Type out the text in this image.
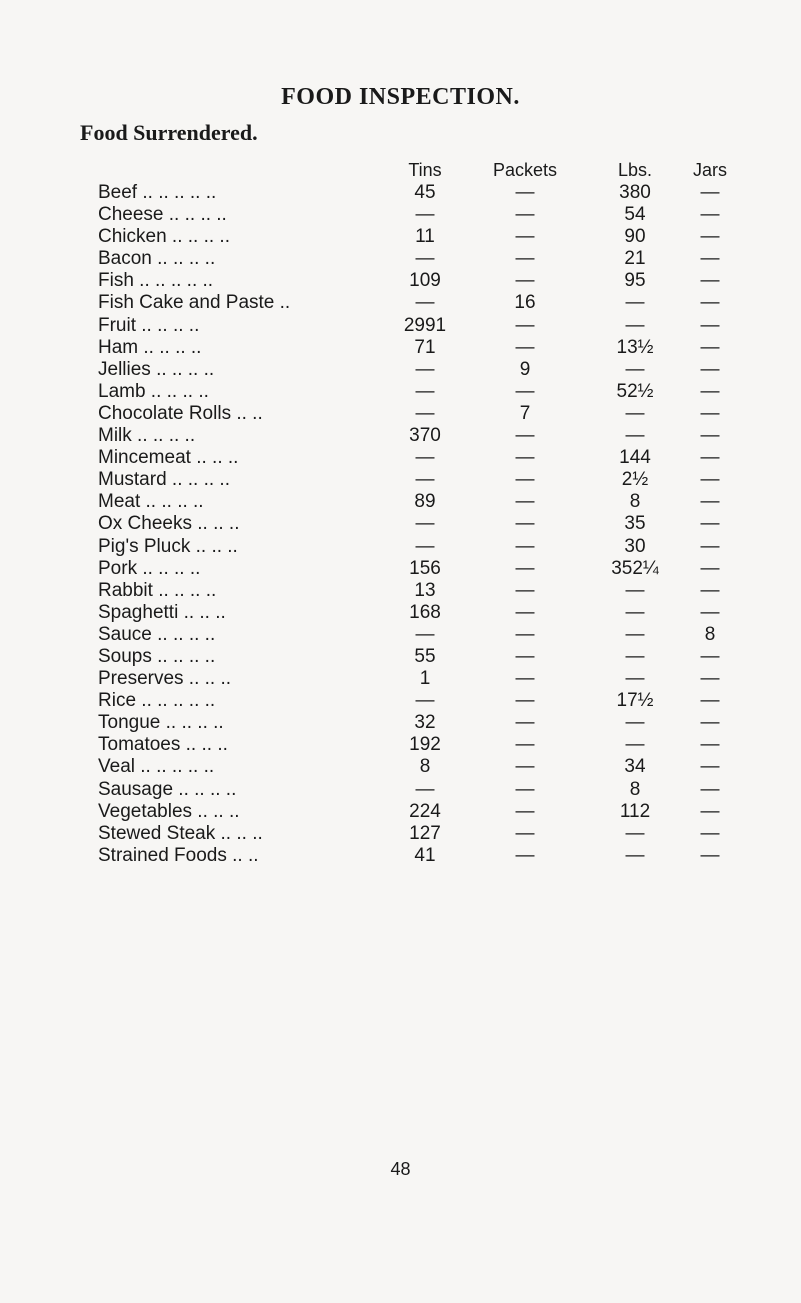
FOOD INSPECTION.
Food Surrendered.
Tins	Packets	Lbs.	Jars
Beef .. .. .. .. ..	45	—	380	—
Cheese .. .. .. ..	—	—	54	—
Chicken .. .. .. ..	11	—	90	—
Bacon .. .. .. ..	—	—	21	—
Fish .. .. .. .. ..	109	—	95	—
Fish Cake and Paste ..	—	16	—	—
Fruit .. .. .. ..	2991	—	—	—
Ham .. .. .. ..	71	—	13½	—
Jellies .. .. .. ..	—	9	—	—
Lamb .. .. .. ..	—	—	52½	—
Chocolate Rolls .. ..	—	7	—	—
Milk .. .. .. ..	370	—	—	—
Mincemeat .. .. ..	—	—	144	—
Mustard .. .. .. ..	—	—	2½	—
Meat .. .. .. ..	89	—	8	—
Ox Cheeks .. .. ..	—	—	35	—
Pig's Pluck .. .. ..	—	—	30	—
Pork .. .. .. ..	156	—	352¼	—
Rabbit .. .. .. ..	13	—	—	—
Spaghetti .. .. ..	168	—	—	—
Sauce .. .. .. ..	—	—	—	8
Soups .. .. .. ..	55	—	—	—
Preserves .. .. ..	1	—	—	—
Rice .. .. .. .. ..	—	—	17½	—
Tongue .. .. .. ..	32	—	—	—
Tomatoes .. .. ..	192	—	—	—
Veal .. .. .. .. ..	8	—	34	—
Sausage .. .. .. ..	—	—	8	—
Vegetables .. .. ..	224	—	112	—
Stewed Steak .. .. ..	127	—	—	—
Strained Foods .. ..	41	—	—	—
48
